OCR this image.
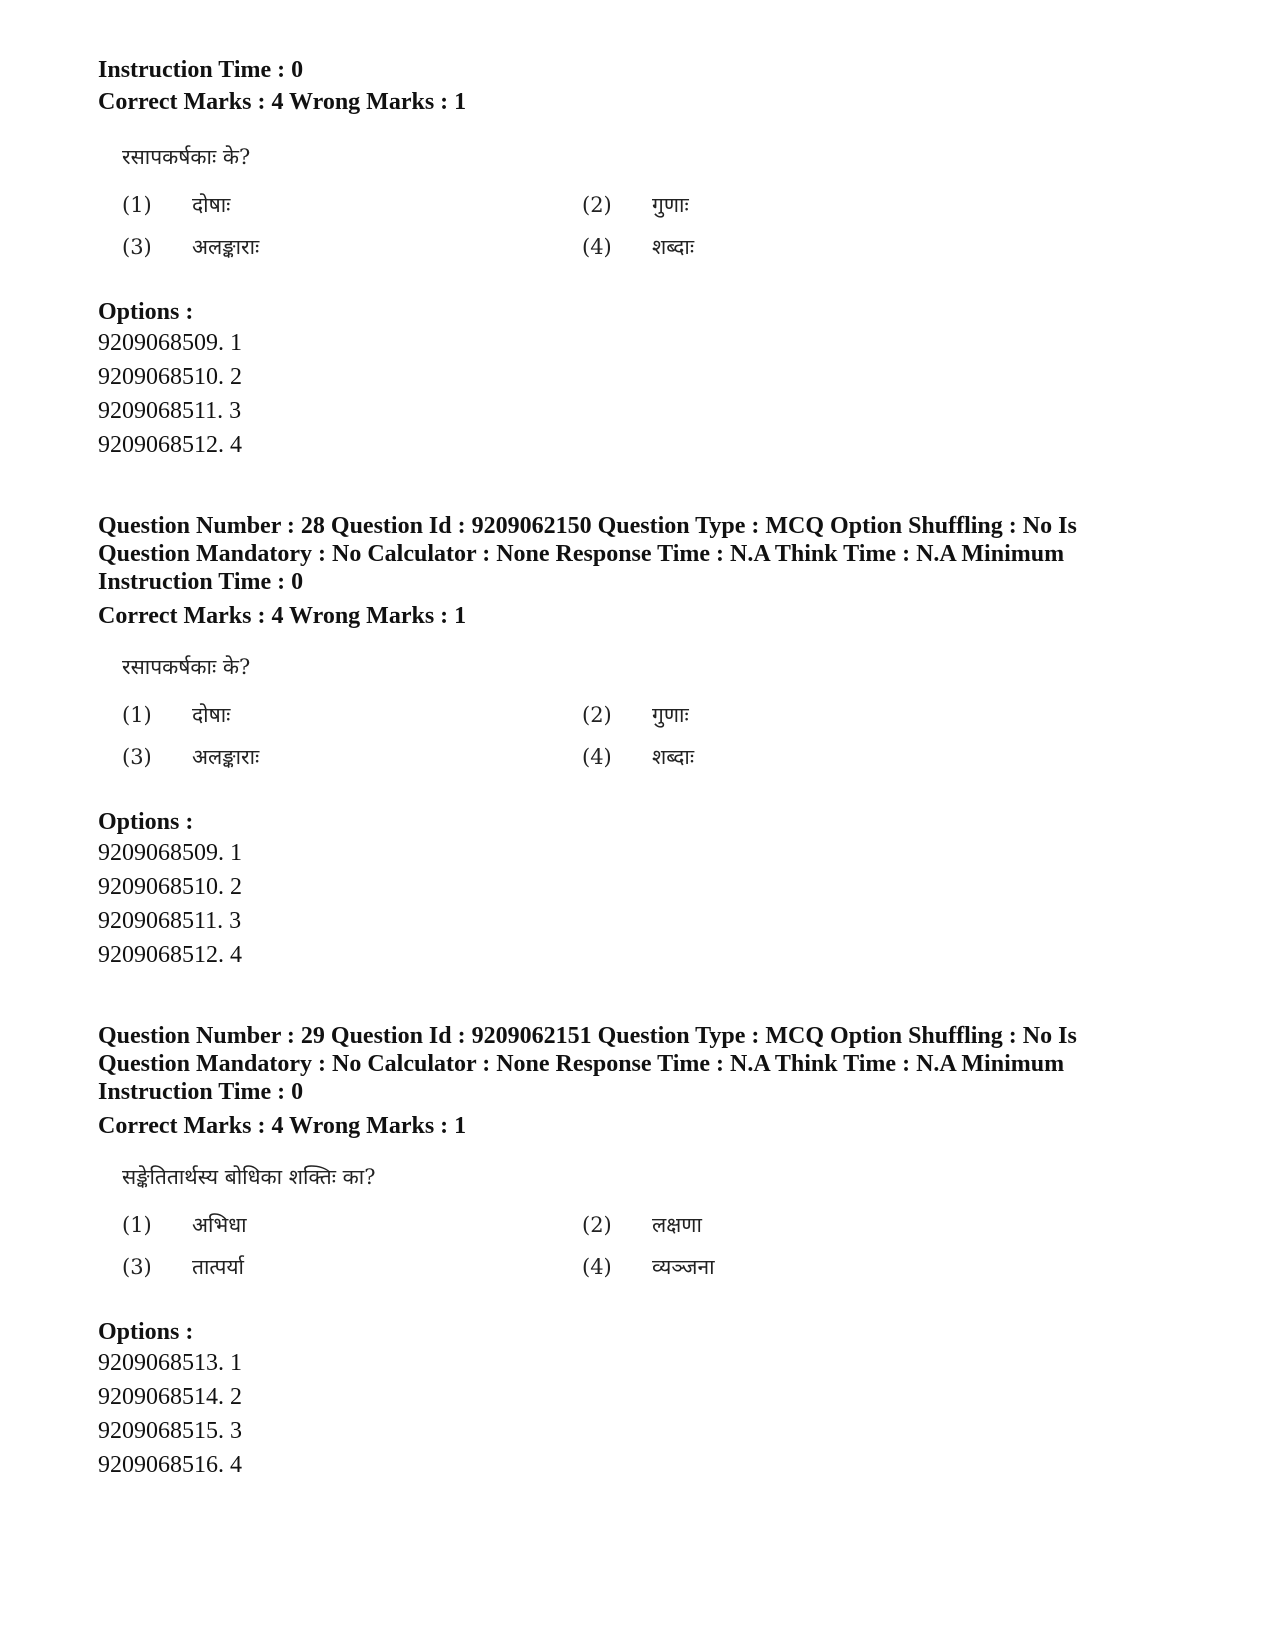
Instruction Time : 0
Correct Marks : 4 Wrong Marks : 1
रसापकर्षकाः के?
(1)	दोषाः	(2)	गुणाः
(3)	अलङ्काराः	(4)	शब्दाः
Options :
9209068509. 1
9209068510. 2
9209068511. 3
9209068512. 4
Question Number : 28 Question Id : 9209062150 Question Type : MCQ Option Shuffling : No Is
Question Mandatory : No Calculator : None Response Time : N.A Think Time : N.A Minimum
Instruction Time : 0
Correct Marks : 4 Wrong Marks : 1
रसापकर्षकाः के?
(1)	दोषाः	(2)	गुणाः
(3)	अलङ्काराः	(4)	शब्दाः
Options :
9209068509. 1
9209068510. 2
9209068511. 3
9209068512. 4
Question Number : 29 Question Id : 9209062151 Question Type : MCQ Option Shuffling : No Is
Question Mandatory : No Calculator : None Response Time : N.A Think Time : N.A Minimum
Instruction Time : 0
Correct Marks : 4 Wrong Marks : 1
सङ्केतितार्थस्य बोधिका शक्तिः का?
(1)	अभिधा	(2)	लक्षणा
(3)	तात्पर्या	(4)	व्यञ्जना
Options :
9209068513. 1
9209068514. 2
9209068515. 3
9209068516. 4
